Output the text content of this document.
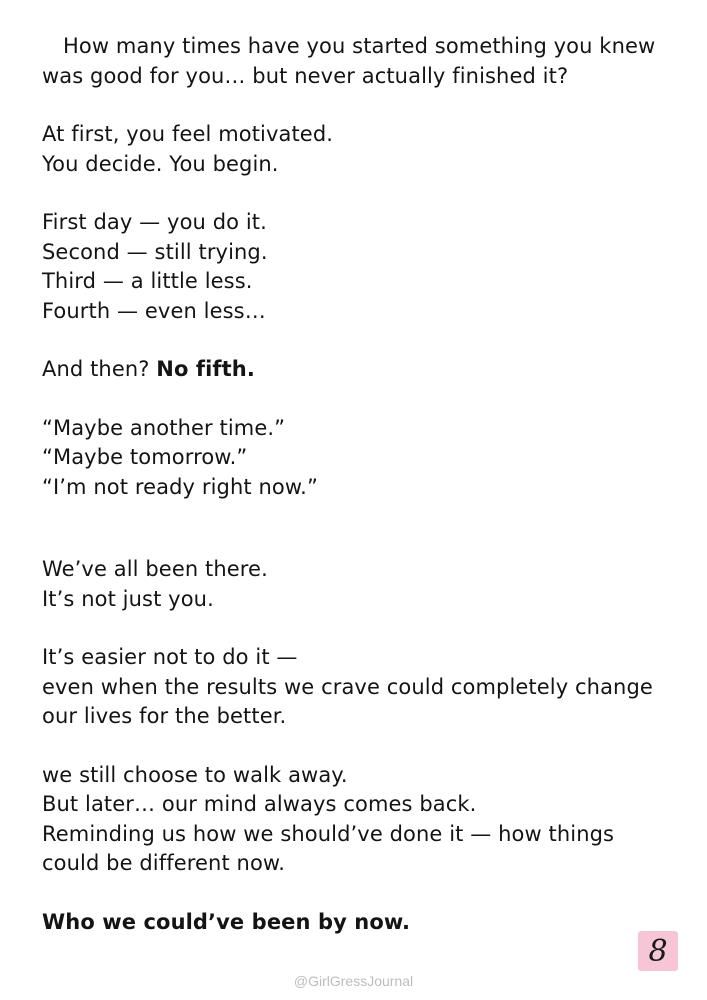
How many times have you started something you knew was good for you… but never actually finished it?

At first, you feel motivated.
You decide. You begin.

First day — you do it.
Second — still trying.
Third — a little less.
Fourth — even less…

And then? No fifth.

“Maybe another time.”
“Maybe tomorrow.”
“I’m not ready right now.”

We’ve all been there.
It’s not just you.

It’s easier not to do it —
even when the results we crave could completely change our lives for the better.

we still choose to walk away.
But later… our mind always comes back.
Reminding us how we should’ve done it — how things could be different now.

Who we could’ve been by now.

8
@GirlGressJournal
